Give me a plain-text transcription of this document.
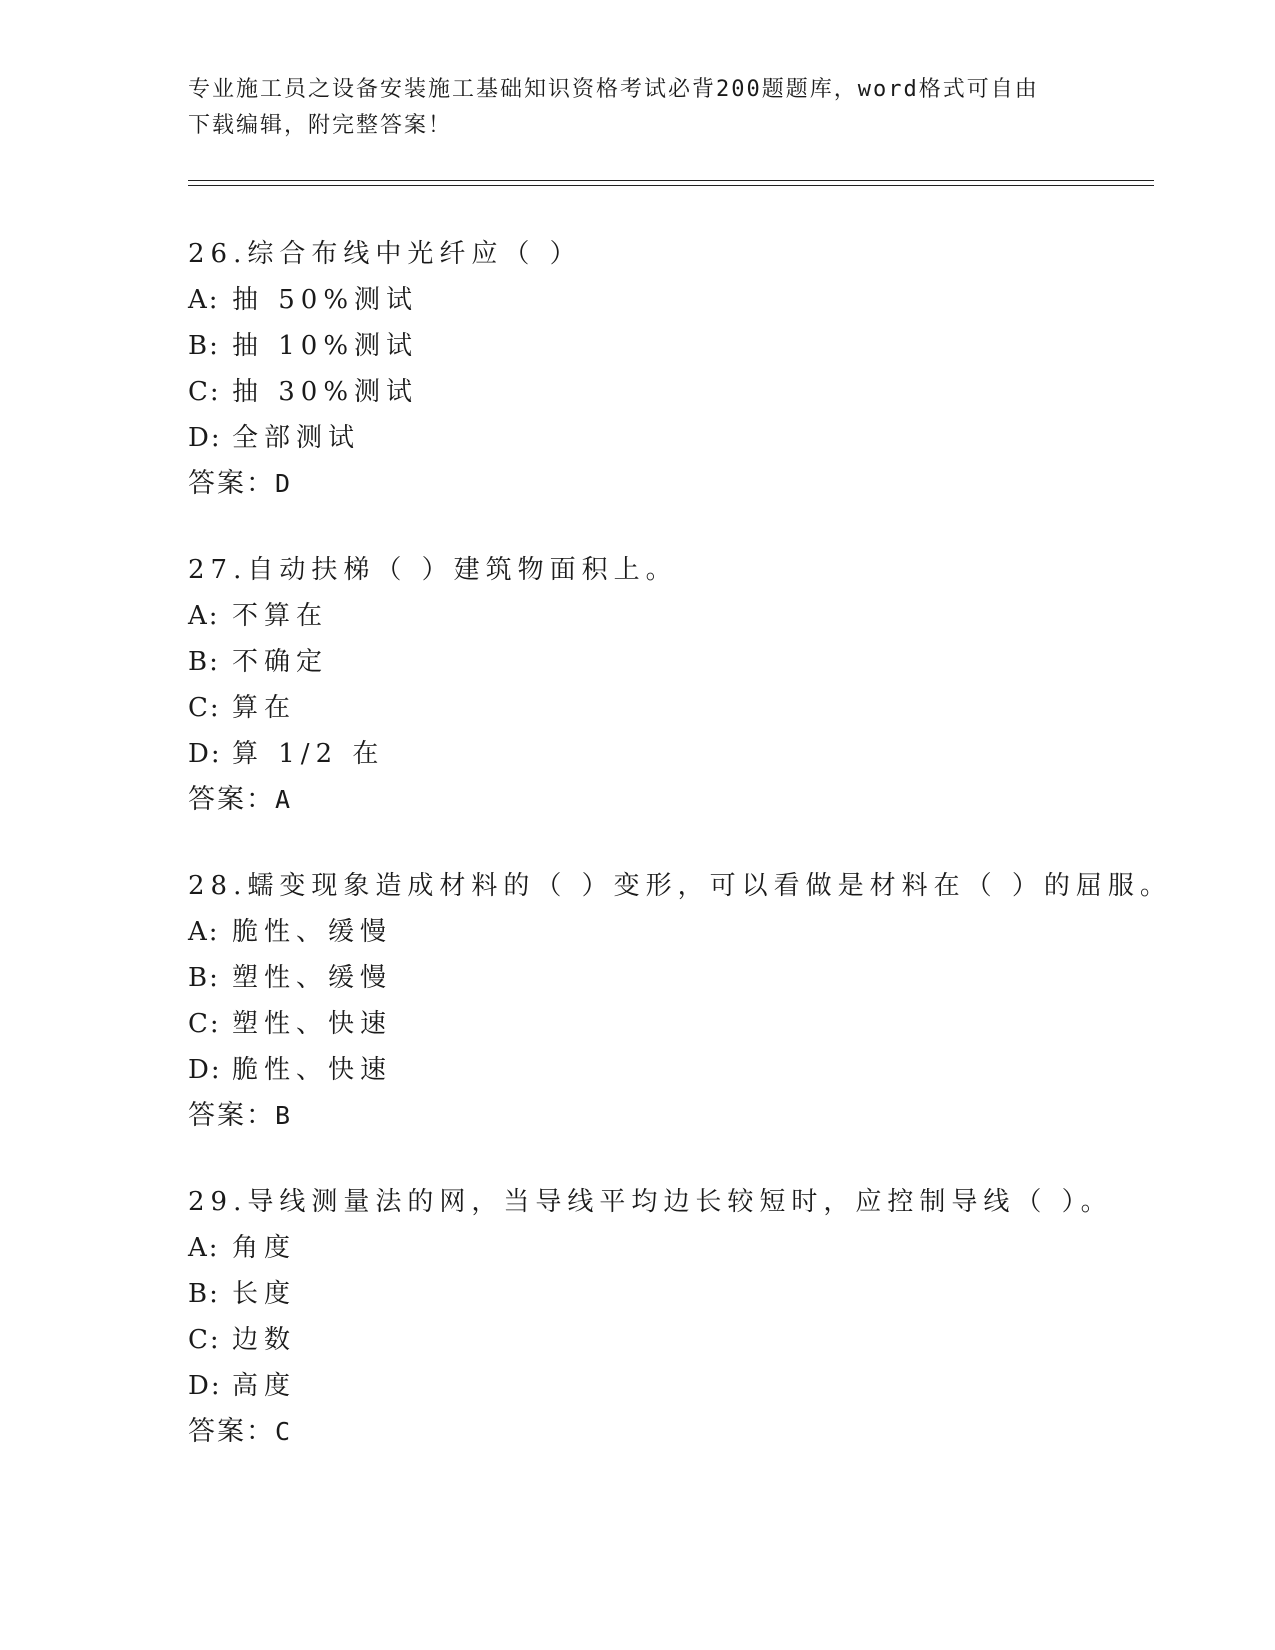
专业施工员之设备安装施工基础知识资格考试必背200题题库，word格式可自由
下载编辑，附完整答案！
26.综合布线中光纤应（ ）
A: 抽 50%测试
B: 抽 10%测试
C: 抽 30%测试
D: 全部测试
答案：D
27.自动扶梯（ ）建筑物面积上。
A: 不算在
B: 不确定
C: 算在
D: 算 1/2 在
答案：A
28.蠕变现象造成材料的（ ）变形，可以看做是材料在（ ）的屈服。
A: 脆性、缓慢
B: 塑性、缓慢
C: 塑性、快速
D: 脆性、快速
答案：B
29.导线测量法的网，当导线平均边长较短时，应控制导线（ ）。
A: 角度
B: 长度
C: 边数
D: 高度
答案：C
